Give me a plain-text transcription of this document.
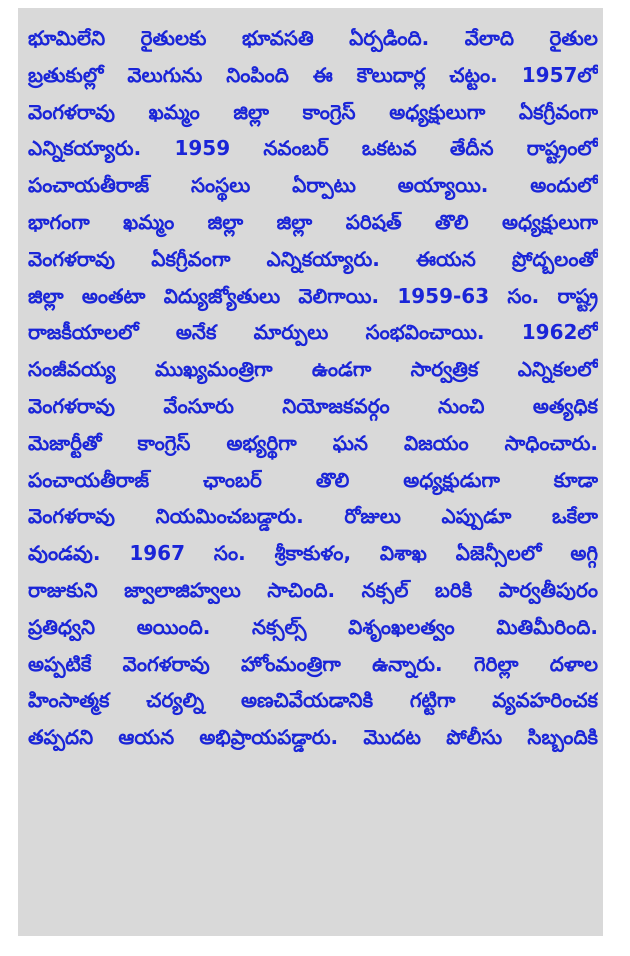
భూమిలేని రైతులకు భూవసతి ఏర్పడింది. వేలాది రైతుల
బ్రతుకుల్లో వెలుగును నింపింది ఈ కౌలుదార్ల చట్టం. 1957లో
వెంగళరావు ఖమ్మం జిల్లా కాంగ్రెస్ అధ్యక్షులుగా ఏకగ్రీవంగా
ఎన్నికయ్యారు. 1959 నవంబర్ ఒకటవ తేదీన రాష్ట్రంలో
పంచాయతీరాజ్ సంస్థలు ఏర్పాటు అయ్యాయి. అందులో
భాగంగా ఖమ్మం జిల్లా జిల్లా పరిషత్ తొలి అధ్యక్షులుగా
వెంగళరావు ఏకగ్రీవంగా ఎన్నికయ్యారు. ఈయన ప్రోద్బలంతో
జిల్లా అంతటా విద్యుజ్యోతులు వెలిగాయి. 1959-63 సం. రాష్ట్ర
రాజకీయాలలో అనేక మార్పులు సంభవించాయి. 1962లో
సంజీవయ్య ముఖ్యమంత్రిగా ఉండగా సార్వత్రిక ఎన్నికలలో
వెంగళరావు వేంసూరు నియోజకవర్గం నుంచి అత్యధిక
మెజార్టీతో కాంగ్రెస్ అభ్యర్థిగా ఘన విజయం సాధించారు.
పంచాయతీరాజ్ ఛాంబర్ తొలి అధ్యక్షుడుగా కూడా
వెంగళరావు నియమించబడ్డారు. రోజులు ఎప్పుడూ ఒకేలా
వుండవు. 1967 సం. శ్రీకాకుళం, విశాఖ ఏజెన్సీలలో అగ్గి
రాజుకుని జ్వాలాజిహ్వలు సాచింది. నక్సల్ బరికి పార్వతీపురం
ప్రతిధ్వని అయింది. నక్సల్స్ విశృంఖలత్వం మితిమీరింది.
అప్పటికే వెంగళరావు హోంమంత్రిగా ఉన్నారు. గెరిల్లా దళాల
హింసాత్మక చర్యల్ని అణచివేయడానికి గట్టిగా వ్యవహరించక
తప్పదని ఆయన అభిప్రాయపడ్డారు. మొదట పోలీసు సిబ్బందికి
